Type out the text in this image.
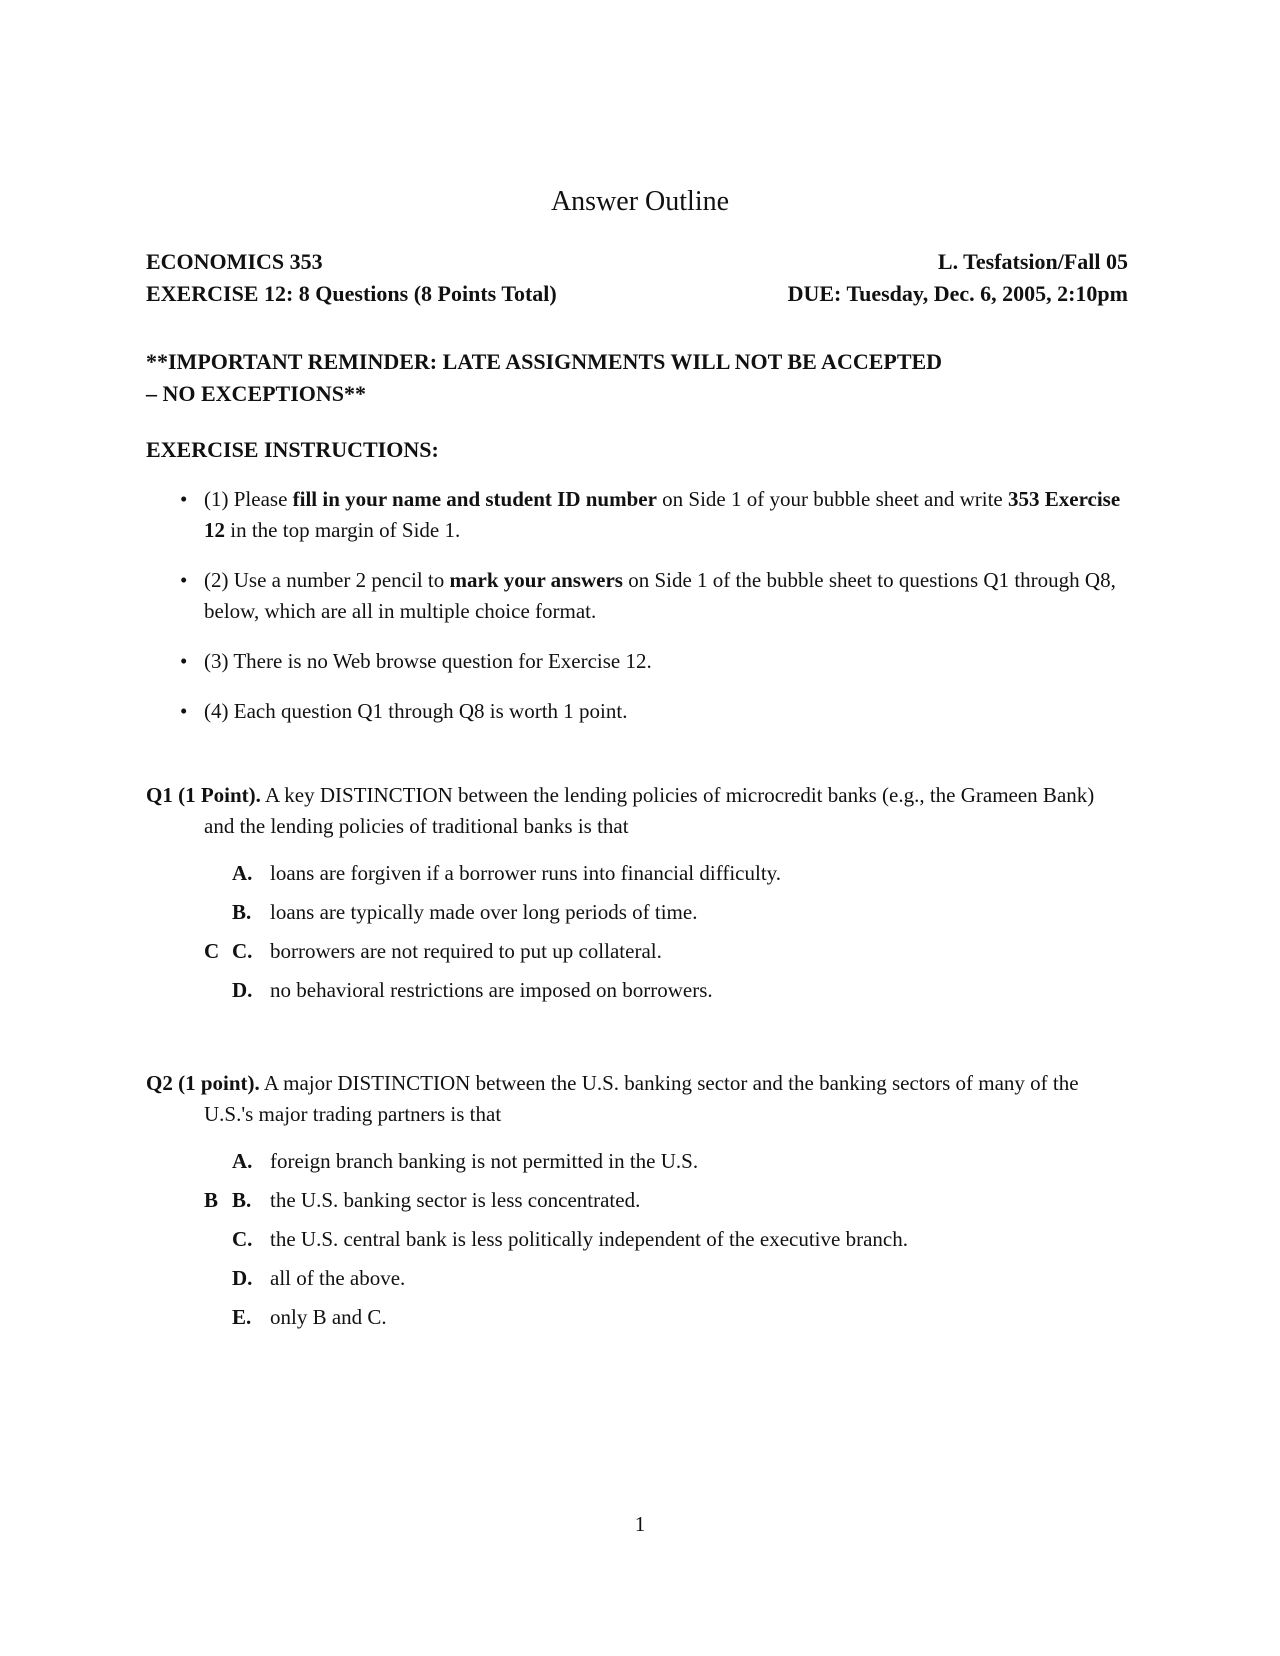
Answer Outline
ECONOMICS 353	L. Tesfatsion/Fall 05
EXERCISE 12: 8 Questions (8 Points Total)	DUE: Tuesday, Dec. 6, 2005, 2:10pm
**IMPORTANT REMINDER: LATE ASSIGNMENTS WILL NOT BE ACCEPTED
– NO EXCEPTIONS**
EXERCISE INSTRUCTIONS:
• (1) Please fill in your name and student ID number on Side 1 of your bubble sheet and write 353 Exercise 12 in the top margin of Side 1.
• (2) Use a number 2 pencil to mark your answers on Side 1 of the bubble sheet to questions Q1 through Q8, below, which are all in multiple choice format.
• (3) There is no Web browse question for Exercise 12.
• (4) Each question Q1 through Q8 is worth 1 point.
Q1 (1 Point). A key DISTINCTION between the lending policies of microcredit banks (e.g., the Grameen Bank) and the lending policies of traditional banks is that
A. loans are forgiven if a borrower runs into financial difficulty.
B. loans are typically made over long periods of time.
C C. borrowers are not required to put up collateral.
D. no behavioral restrictions are imposed on borrowers.
Q2 (1 point). A major DISTINCTION between the U.S. banking sector and the banking sectors of many of the U.S.'s major trading partners is that
A. foreign branch banking is not permitted in the U.S.
B B. the U.S. banking sector is less concentrated.
C. the U.S. central bank is less politically independent of the executive branch.
D. all of the above.
E. only B and C.
1
